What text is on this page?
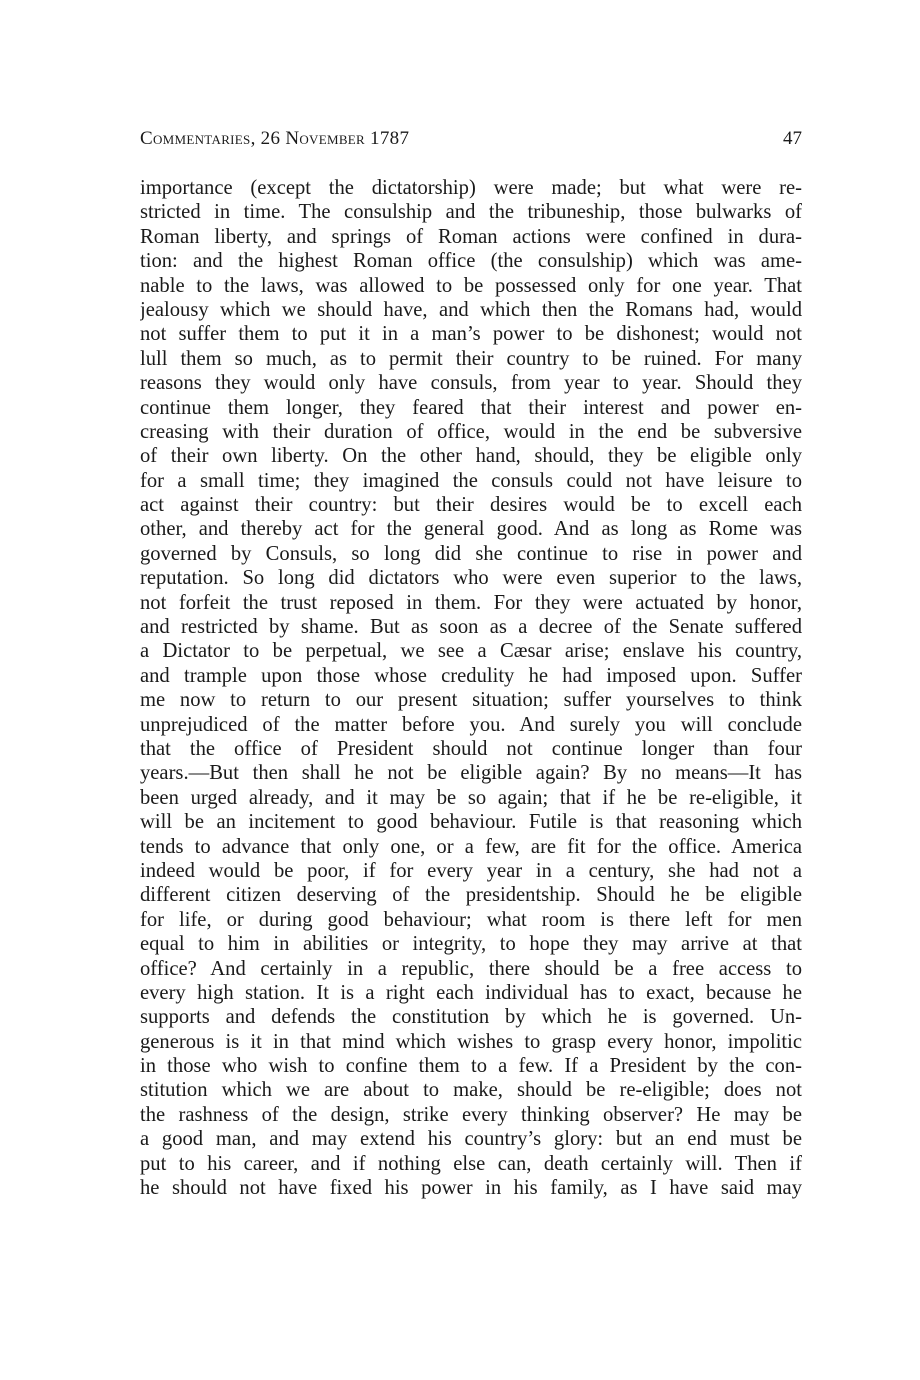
Commentaries, 26 November 1787	47
importance (except the dictatorship) were made; but what were re-
stricted in time. The consulship and the tribuneship, those bulwarks of
Roman liberty, and springs of Roman actions were confined in dura-
tion: and the highest Roman office (the consulship) which was ame-
nable to the laws, was allowed to be possessed only for one year. That
jealousy which we should have, and which then the Romans had, would
not suffer them to put it in a man’s power to be dishonest; would not
lull them so much, as to permit their country to be ruined. For many
reasons they would only have consuls, from year to year. Should they
continue them longer, they feared that their interest and power en-
creasing with their duration of office, would in the end be subversive
of their own liberty. On the other hand, should, they be eligible only
for a small time; they imagined the consuls could not have leisure to
act against their country: but their desires would be to excell each
other, and thereby act for the general good. And as long as Rome was
governed by Consuls, so long did she continue to rise in power and
reputation. So long did dictators who were even superior to the laws,
not forfeit the trust reposed in them. For they were actuated by honor,
and restricted by shame. But as soon as a decree of the Senate suffered
a Dictator to be perpetual, we see a Cæsar arise; enslave his country,
and trample upon those whose credulity he had imposed upon. Suffer
me now to return to our present situation; suffer yourselves to think
unprejudiced of the matter before you. And surely you will conclude
that the office of President should not continue longer than four
years.—But then shall he not be eligible again? By no means—It has
been urged already, and it may be so again; that if he be re-eligible, it
will be an incitement to good behaviour. Futile is that reasoning which
tends to advance that only one, or a few, are fit for the office. America
indeed would be poor, if for every year in a century, she had not a
different citizen deserving of the presidentship. Should he be eligible
for life, or during good behaviour; what room is there left for men
equal to him in abilities or integrity, to hope they may arrive at that
office? And certainly in a republic, there should be a free access to
every high station. It is a right each individual has to exact, because he
supports and defends the constitution by which he is governed. Un-
generous is it in that mind which wishes to grasp every honor, impolitic
in those who wish to confine them to a few. If a President by the con-
stitution which we are about to make, should be re-eligible; does not
the rashness of the design, strike every thinking observer? He may be
a good man, and may extend his country’s glory: but an end must be
put to his career, and if nothing else can, death certainly will. Then if
he should not have fixed his power in his family, as I have said may
